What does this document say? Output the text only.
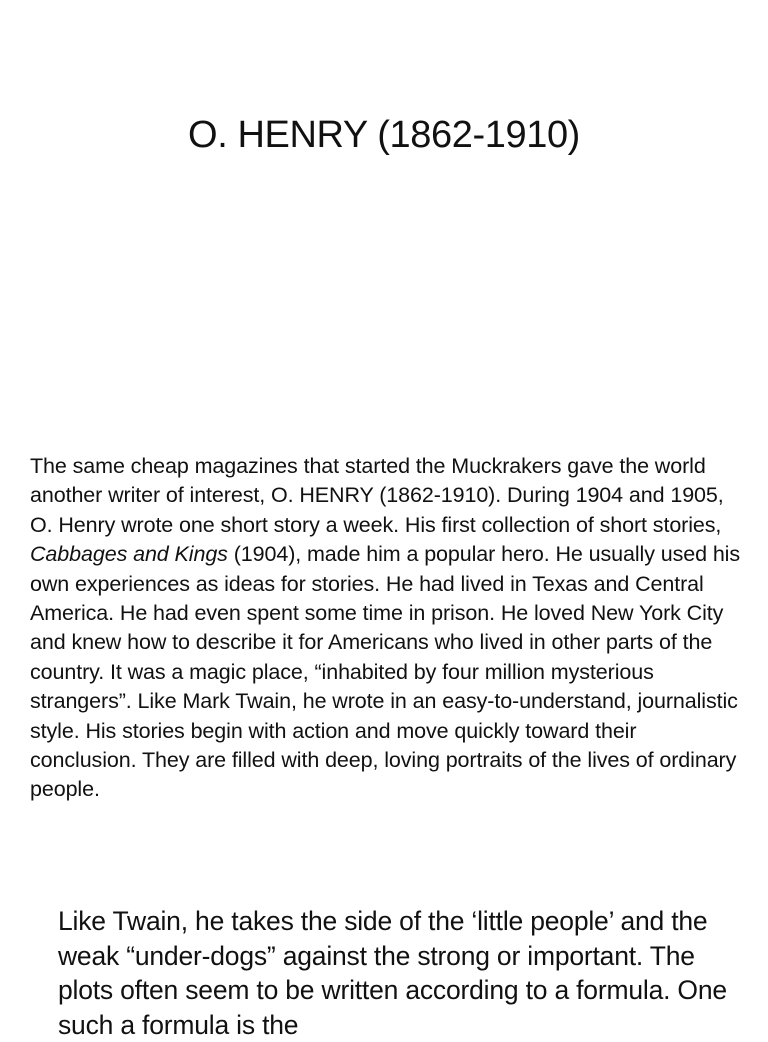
O. HENRY (1862-1910)

The same cheap magazines that started the Muckrakers gave the world another writer of interest, O. HENRY (1862-1910). During 1904 and 1905, O. Henry wrote one short story a week. His first collection of short stories, Cabbages and Kings (1904), made him a popular hero. He usually used his own experiences as ideas for stories. He had lived in Texas and Central America. He had even spent some time in prison. He loved New York City and knew how to describe it for Americans who lived in other parts of the country. It was a magic place, “inhabited by four million mysterious strangers”. Like Mark Twain, he wrote in an easy-to-understand, journalistic style. His stories begin with action and move quickly toward their conclusion. They are filled with deep, loving portraits of the lives of ordinary people.

Like Twain, he takes the side of the ‘little people’ and the weak “under-dogs” against the strong or important. The plots often seem to be written according to a formula. One such a formula is the
